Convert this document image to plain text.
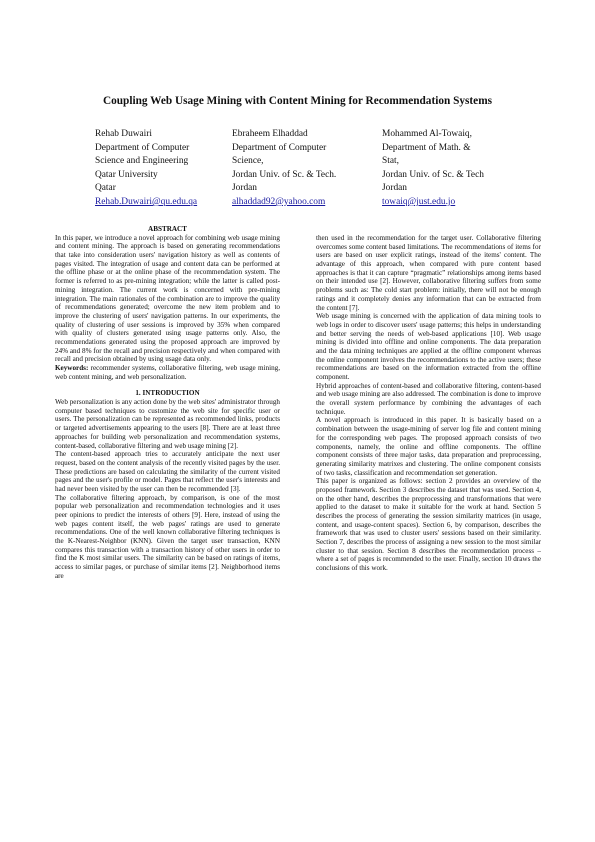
Coupling Web Usage Mining with Content Mining for Recommendation Systems
Rehab Duwairi
Department of Computer
Science and Engineering
Qatar University
Qatar
Rehab.Duwairi@qu.edu.qa
Ebraheem Elhaddad
Department of Computer
Science,
Jordan Univ. of Sc. & Tech.
Jordan
alhaddad92@yahoo.com
Mohammed Al-Towaiq,
Department of Math. &
Stat,
Jordan Univ. of Sc. & Tech
Jordan
towaiq@just.edu.jo

ABSTRACT

In this paper, we introduce a novel approach for combining web usage mining and content mining. The approach is based on generating recommendations that take into consideration users' navigation history as well as contents of pages visited. The integration of usage and content data can be performed at the offline phase or at the online phase of the recommendation system. The former is referred to as pre-mining integration; while the latter is called post-mining integration. The current work is concerned with pre-mining integration. The main rationales of the combination are to improve the quality of recommendations generated; overcome the new item problem and to improve the clustering of users' navigation patterns. In our experiments, the quality of clustering of user sessions is improved by 35% when compared with quality of clusters generated using usage patterns only. Also, the recommendations generated using the proposed approach are improved by 24% and 8% for the recall and precision respectively and when compared with recall and precision obtained by using usage data only.

Keywords: recommender systems, collaborative filtering, web usage mining, web content mining, and web personalization.

1. INTRODUCTION

Web personalization is any action done by the web sites' administrator through computer based techniques to customize the web site for specific user or users. The personalization can be represented as recommended links, products or targeted advertisements appearing to the users [8]. There are at least three approaches for building web personalization and recommendation systems, content-based, collaborative filtering and web usage mining [2].

The content-based approach tries to accurately anticipate the next user request, based on the content analysis of the recently visited pages by the user. These predictions are based on calculating the similarity of the current visited pages and the user's profile or model. Pages that reflect the user's interests and had never been visited by the user can then be recommended [3].

The collaborative filtering approach, by comparison, is one of the most popular web personalization and recommendation technologies and it uses peer opinions to predict the interests of others [9]. Here, instead of using the web pages content itself, the web pages' ratings are used to generate recommendations. One of the well known collaborative filtering techniques is the K-Nearest-Neighbor (KNN). Given the target user transaction, KNN compares this transaction with a transaction history of other users in order to find the K most similar users. The similarity can be based on ratings of items, access to similar pages, or purchase of similar items [2]. Neighborhood items are

then used in the recommendation for the target user. Collaborative filtering overcomes some content based limitations. The recommendations of items for users are based on user explicit ratings, instead of the items' content. The advantage of this approach, when compared with pure content based approaches is that it can capture “pragmatic” relationships among items based on their intended use [2]. However, collaborative filtering suffers from some problems such as: The cold start problem: initially, there will not be enough ratings and it completely denies any information that can be extracted from the content [7].

Web usage mining is concerned with the application of data mining tools to web logs in order to discover users' usage patterns; this helps in understanding and better serving the needs of web-based applications [10]. Web usage mining is divided into offline and online components. The data preparation and the data mining techniques are applied at the offline component whereas the online component involves the recommendations to the active users; these recommendations are based on the information extracted from the offline component.

Hybrid approaches of content-based and collaborative filtering, content-based and web usage mining are also addressed. The combination is done to improve the overall system performance by combining the advantages of each technique.

A novel approach is introduced in this paper. It is basically based on a combination between the usage-mining of server log file and content mining for the corresponding web pages. The proposed approach consists of two components, namely, the online and offline components. The offline component consists of three major tasks, data preparation and preprocessing, generating similarity matrixes and clustering. The online component consists of two tasks, classification and recommendation set generation.

This paper is organized as follows: section 2 provides an overview of the proposed framework. Section 3 describes the dataset that was used. Section 4, on the other hand, describes the preprocessing and transformations that were applied to the dataset to make it suitable for the work at hand. Section 5 describes the process of generating the session similarity matrices (in usage, content, and usage-content spaces). Section 6, by comparison, describes the framework that was used to cluster users' sessions based on their similarity. Section 7, describes the process of assigning a new session to the most similar cluster to that session. Section 8 describes the recommendation process – where a set of pages is recommended to the user. Finally, section 10 draws the conclusions of this work.
